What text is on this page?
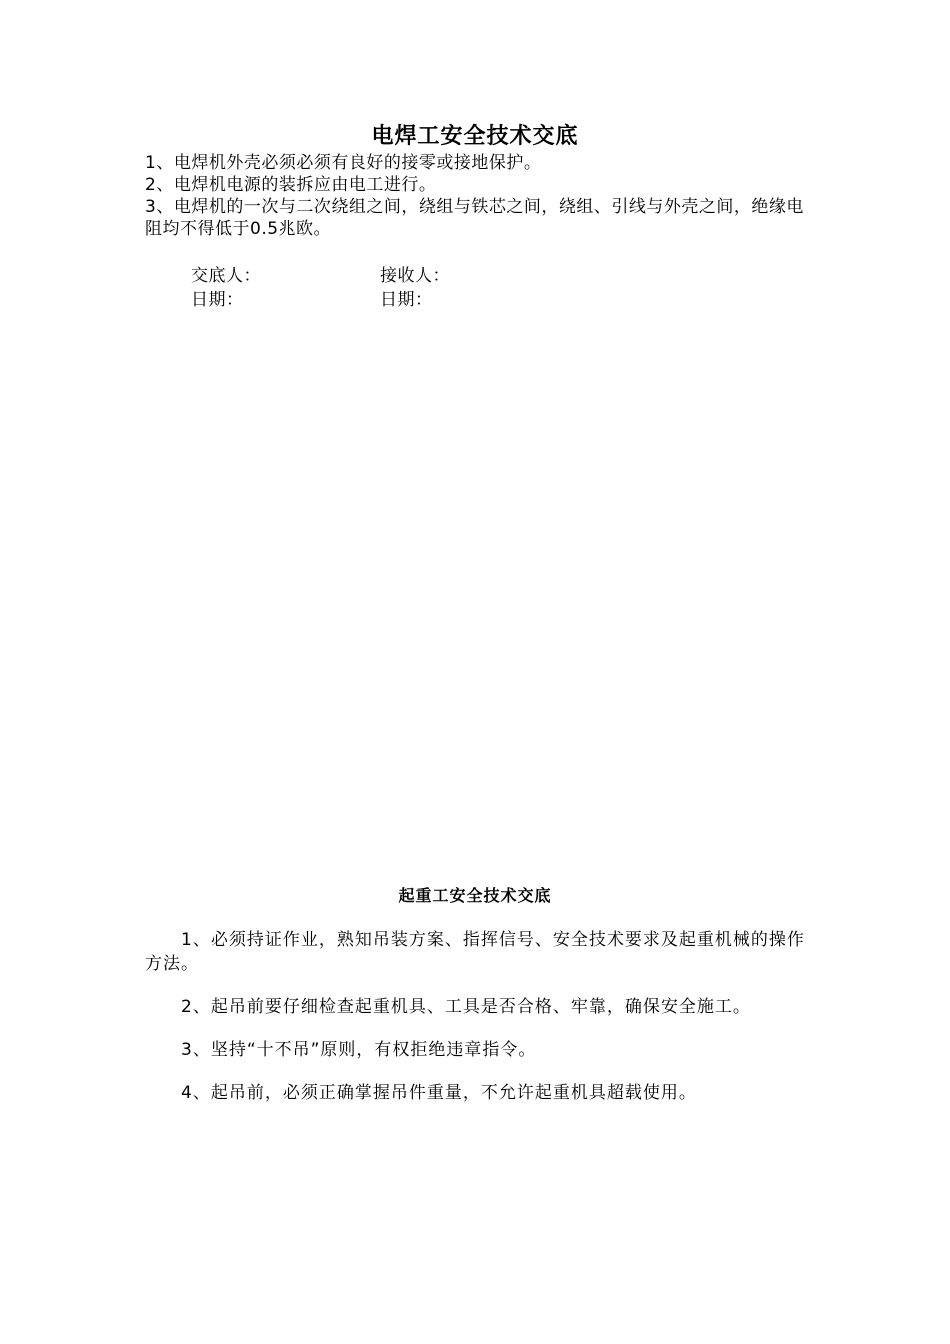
电焊工安全技术交底

1、电焊机外壳必须必须有良好的接零或接地保护。

2、电焊机电源的装拆应由电工进行。

3、电焊机的一次与二次绕组之间，绕组与铁芯之间，绕组、引线与外壳之间，绝缘电阻均不得低于0.5兆欧。

交底人：	接收人：
日期：	日期：
起重工安全技术交底

1、必须持证作业，熟知吊装方案、指挥信号、安全技术要求及起重机械的操作方法。

2、起吊前要仔细检查起重机具、工具是否合格、牢靠，确保安全施工。

3、坚持“十不吊”原则，有权拒绝违章指令。

4、起吊前，必须正确掌握吊件重量，不允许起重机具超载使用。
